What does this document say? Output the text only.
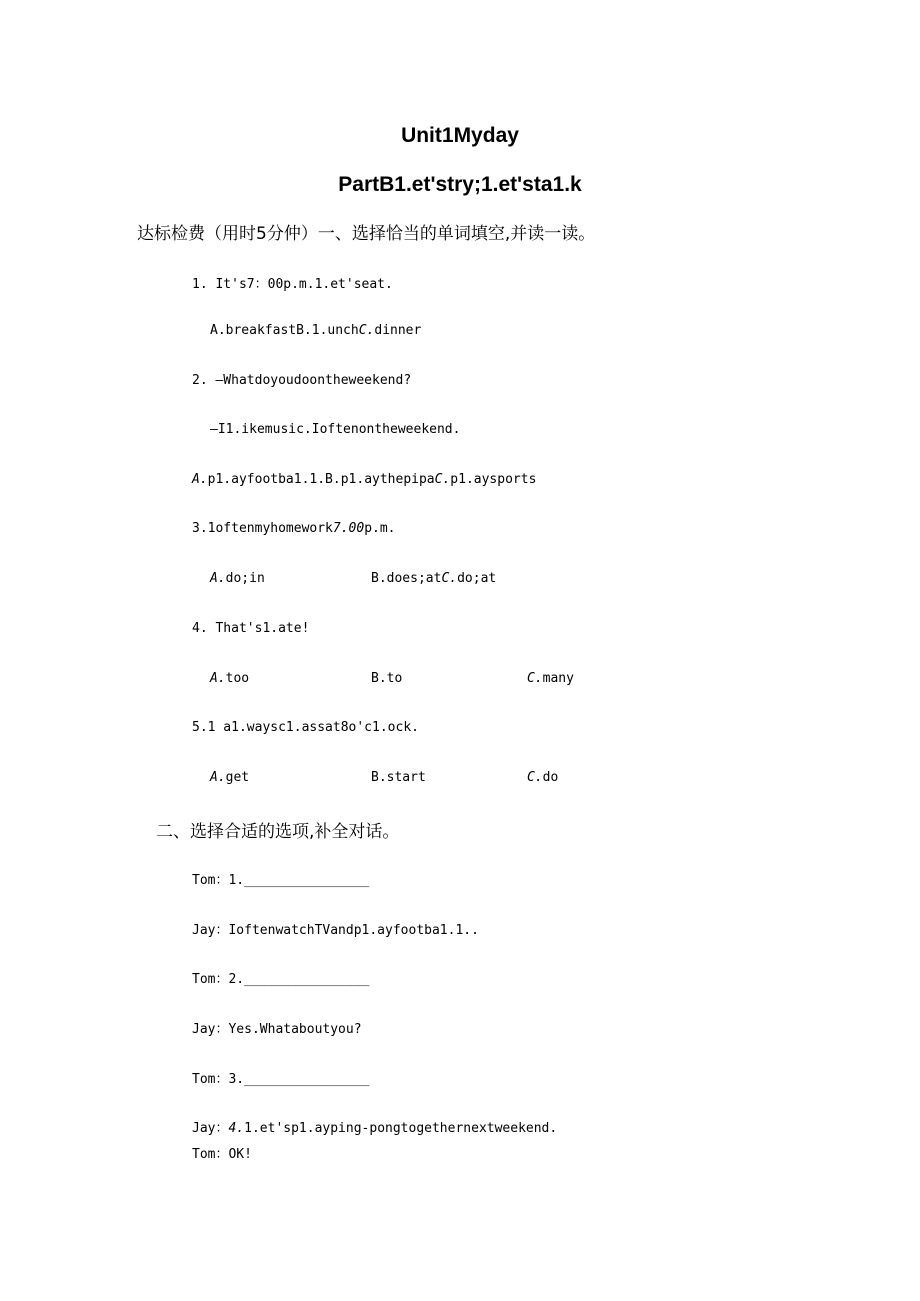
Unit1Myday
PartB1.et'stry;1.et'sta1.k
达标检费（用时5分仲）一、选择恰当的单词填空,并读一读。
1. It's7：00p.m.1.et'seat.
A.breakfastB.1.unchC.dinner
2. —Whatdoyoudoontheweekend?
—I1.ikemusic.Ioftenontheweekend.
A.p1.ayfootba1.1.B.p1.aythepipaC.p1.aysports
3.1oftenmyhomework7.00p.m.
A.do;in	B.does;atC.do;at
4. That's1.ate!
A.too	B.to	C.many
5.1 a1.waysc1.assat8o'c1.ock.
A.get	B.start	C.do
二、选择合适的选项,补全对话。
Tom：1.________________
Jay：IoftenwatchTVandp1.ayfootba1.1..
Tom：2.________________
Jay：Yes.Whataboutyou?
Tom：3.________________
Jay：4.1.et'sp1.ayping-pongtogethernextweekend.
Tom：OK!
